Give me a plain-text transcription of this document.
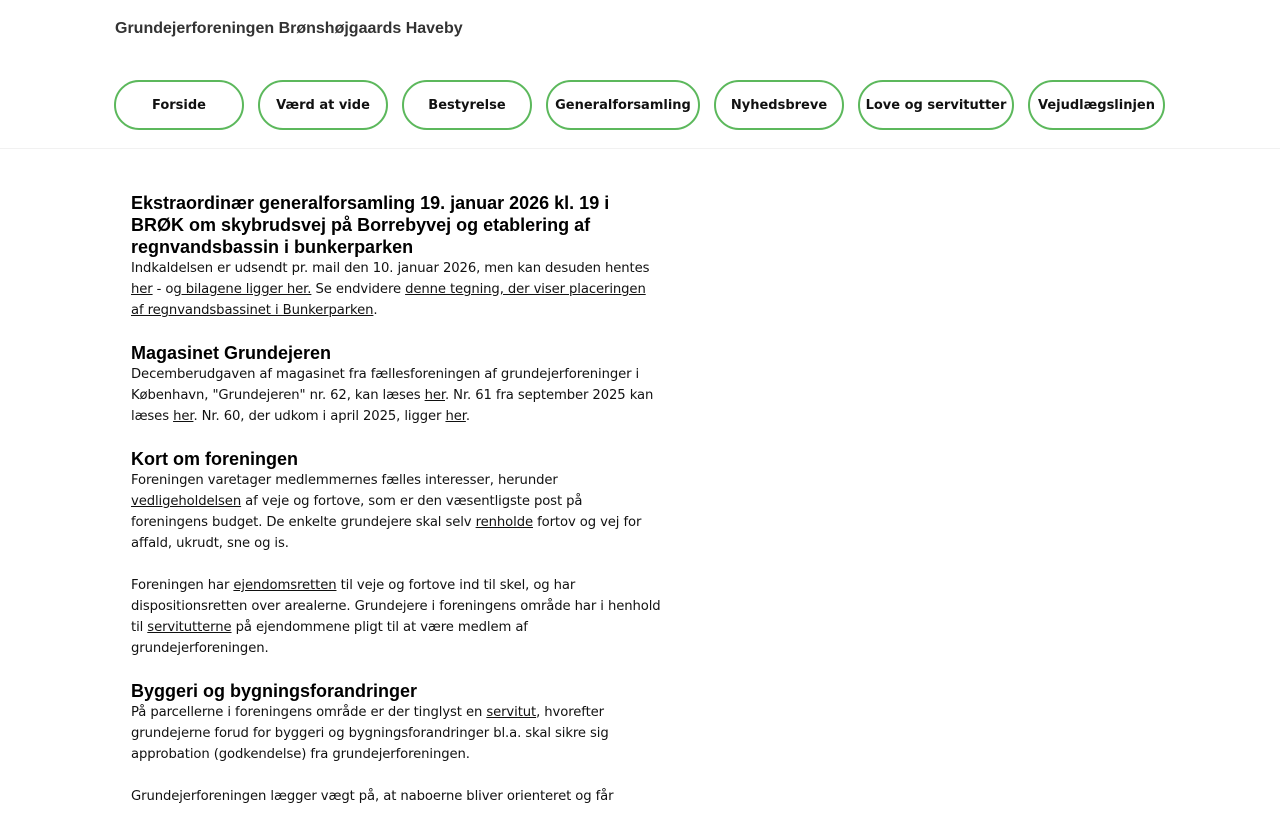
Grundejerforeningen Brønshøjgaards Haveby
Forside	Værd at vide	Bestyrelse	Generalforsamling	Nyhedsbreve	Love og servitutter	Vejudlægslinjen
Ekstraordinær generalforsamling 19. januar 2026 kl. 19 i BRØK om skybrudsvej på Borrebyvej og etablering af regnvandsbassin i bunkerparken

Indkaldelsen er udsendt pr. mail den 10. januar 2026, men kan desuden hentes her - og bilagene ligger her. Se endvidere denne tegning, der viser placeringen af regnvandsbassinet i Bunkerparken.

Magasinet Grundejeren

Decemberudgaven af magasinet fra fællesforeningen af grundejerforeninger i København, "Grundejeren" nr. 62, kan læses her. Nr. 61 fra september 2025 kan læses her. Nr. 60, der udkom i april 2025, ligger her.

Kort om foreningen

Foreningen varetager medlemmernes fælles interesser, herunder vedligeholdelsen af veje og fortove, som er den væsentligste post på foreningens budget. De enkelte grundejere skal selv renholde fortov og vej for affald, ukrudt, sne og is.

Foreningen har ejendomsretten til veje og fortove ind til skel, og har dispositionsretten over arealerne. Grundejere i foreningens område har i henhold til servitutterne på ejendommene pligt til at være medlem af grundejerforeningen.

Byggeri og bygningsforandringer

På parcellerne i foreningens område er der tinglyst en servitut, hvorefter grundejerne forud for byggeri og bygningsforandringer bl.a. skal sikre sig approbation (godkendelse) fra grundejerforeningen.

Grundejerforeningen lægger vægt på, at naboerne bliver orienteret og får
